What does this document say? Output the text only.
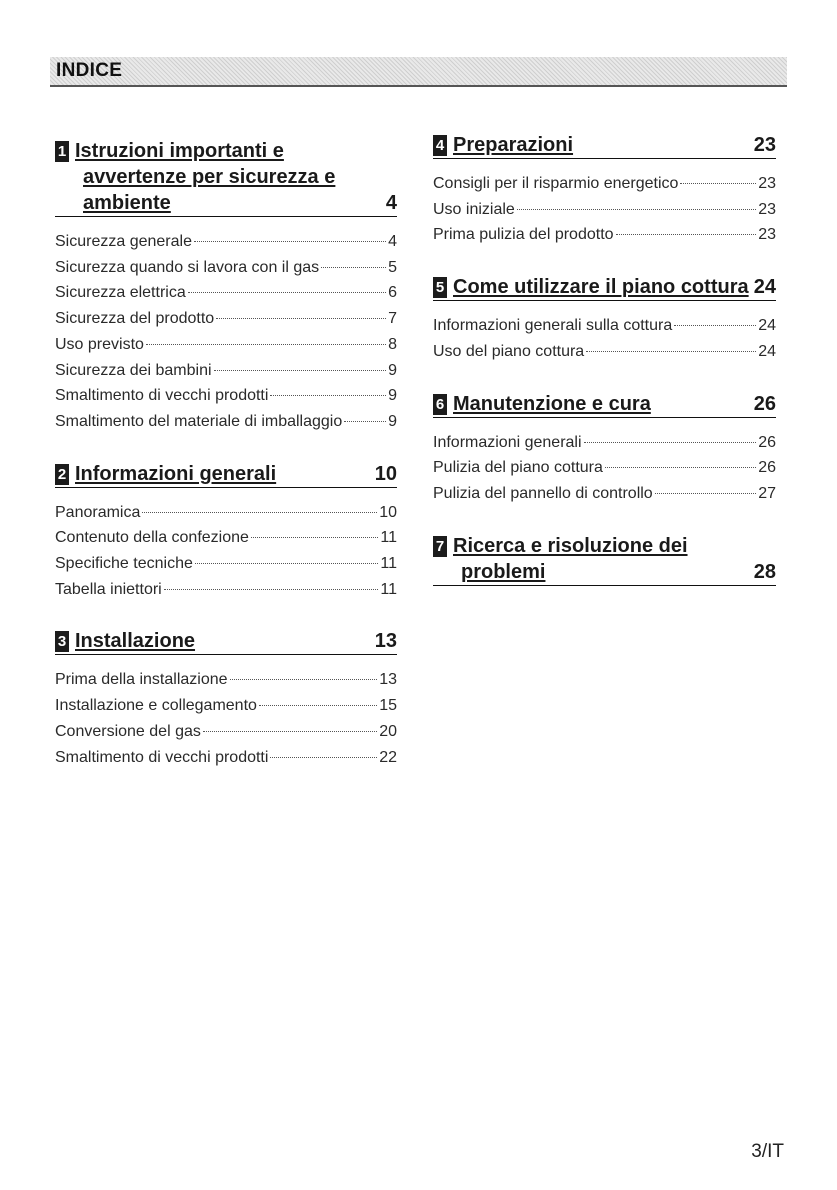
INDICE
1 Istruzioni importanti e
avvertenze per sicurezza e
ambiente	4
Sicurezza generale	4
Sicurezza quando si lavora con il gas	5
Sicurezza elettrica	6
Sicurezza del prodotto	7
Uso previsto	8
Sicurezza dei bambini	9
Smaltimento di vecchi prodotti	9
Smaltimento del materiale di imballaggio	9
2 Informazioni generali	10
Panoramica	10
Contenuto della confezione	11
Specifiche tecniche	11
Tabella iniettori	11
3 Installazione	13
Prima della installazione	13
Installazione e collegamento	15
Conversione del gas	20
Smaltimento di vecchi prodotti	22
4 Preparazioni	23
Consigli per il risparmio energetico	23
Uso iniziale	23
Prima pulizia del prodotto	23
5 Come utilizzare il piano cottura 24
Informazioni generali sulla cottura	24
Uso del piano cottura	24
6 Manutenzione e cura	26
Informazioni generali	26
Pulizia del piano cottura	26
Pulizia del pannello di controllo	27
7 Ricerca e risoluzione dei
problemi	28
3/IT
